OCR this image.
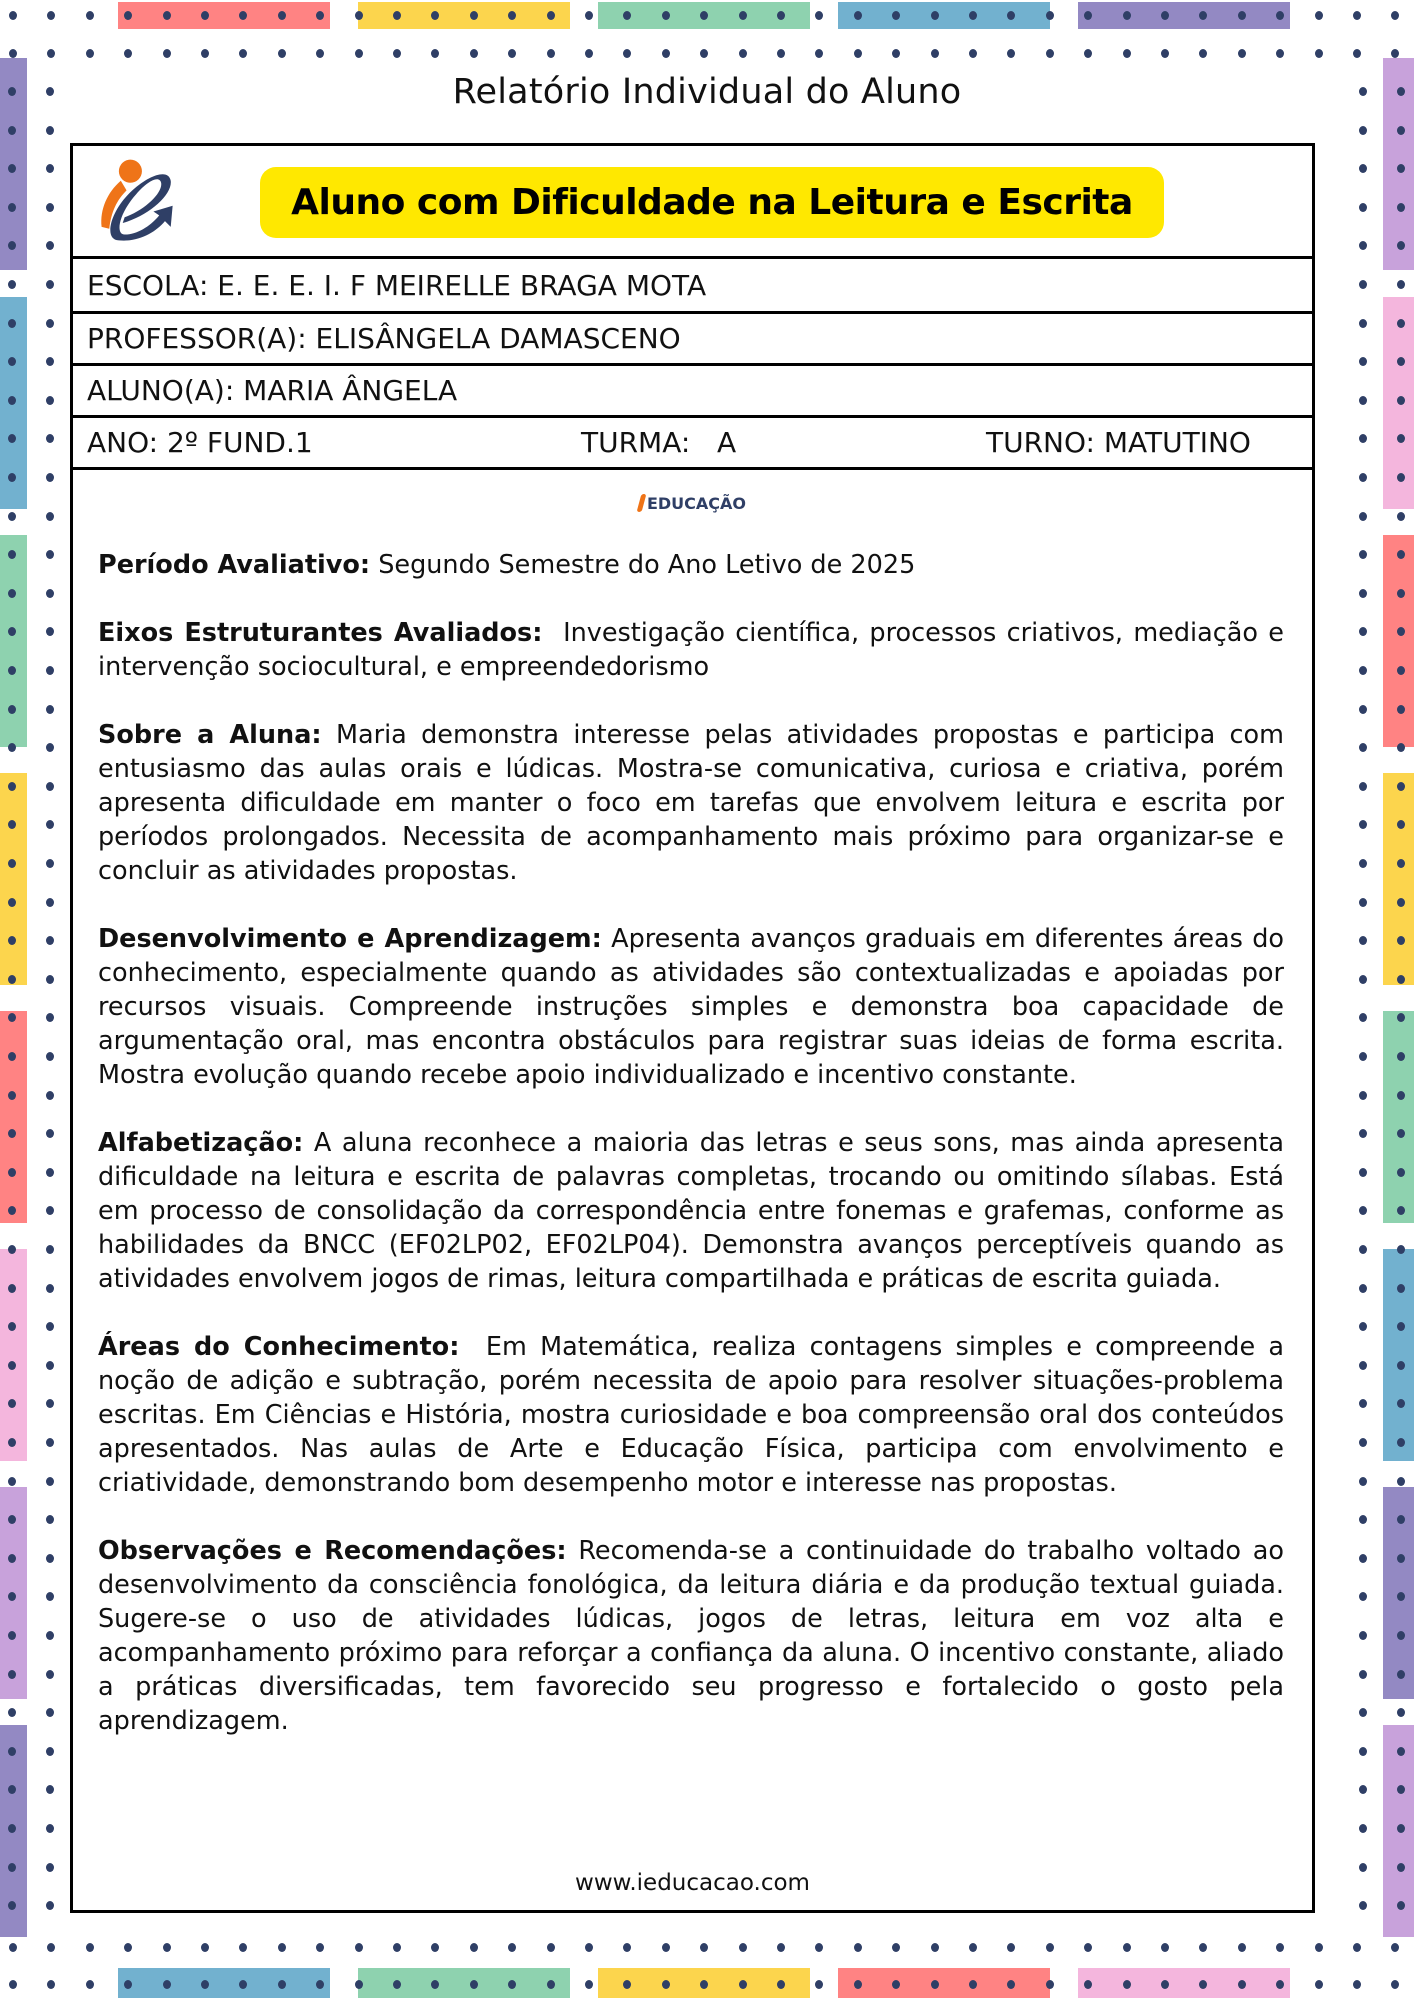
Relatório Individual do Aluno
Aluno com Dificuldade na Leitura e Escrita
ESCOLA: E. E. E. I. F MEIRELLE BRAGA MOTA
PROFESSOR(A): ELISÂNGELA DAMASCENO
ALUNO(A): MARIA ÂNGELA
ANO: 2º FUND.1	TURMA:   A	TURNO: MATUTINO
EDUCAÇÃO

Período Avaliativo: Segundo Semestre do Ano Letivo de 2025

Eixos Estruturantes Avaliados:  Investigação científica, processos criativos, mediação e intervenção sociocultural, e empreendedorismo

Sobre a Aluna: Maria demonstra interesse pelas atividades propostas e participa com entusiasmo das aulas orais e lúdicas. Mostra-se comunicativa, curiosa e criativa, porém apresenta dificuldade em manter o foco em tarefas que envolvem leitura e escrita por períodos prolongados. Necessita de acompanhamento mais próximo para organizar-se e concluir as atividades propostas.

Desenvolvimento e Aprendizagem: Apresenta avanços graduais em diferentes áreas do conhecimento, especialmente quando as atividades são contextualizadas e apoiadas por recursos visuais. Compreende instruções simples e demonstra boa capacidade de argumentação oral, mas encontra obstáculos para registrar suas ideias de forma escrita. Mostra evolução quando recebe apoio individualizado e incentivo constante.

Alfabetização: A aluna reconhece a maioria das letras e seus sons, mas ainda apresenta dificuldade na leitura e escrita de palavras completas, trocando ou omitindo sílabas. Está em processo de consolidação da correspondência entre fonemas e grafemas, conforme as habilidades da BNCC (EF02LP02, EF02LP04). Demonstra avanços perceptíveis quando as atividades envolvem jogos de rimas, leitura compartilhada e práticas de escrita guiada.

Áreas do Conhecimento:  Em Matemática, realiza contagens simples e compreende a noção de adição e subtração, porém necessita de apoio para resolver situações-problema escritas. Em Ciências e História, mostra curiosidade e boa compreensão oral dos conteúdos apresentados. Nas aulas de Arte e Educação Física, participa com envolvimento e criatividade, demonstrando bom desempenho motor e interesse nas propostas.

Observações e Recomendações: Recomenda-se a continuidade do trabalho voltado ao desenvolvimento da consciência fonológica, da leitura diária e da produção textual guiada. Sugere-se o uso de atividades lúdicas, jogos de letras, leitura em voz alta e acompanhamento próximo para reforçar a confiança da aluna. O incentivo constante, aliado a práticas diversificadas, tem favorecido seu progresso e fortalecido o gosto pela aprendizagem.

www.ieducacao.com
